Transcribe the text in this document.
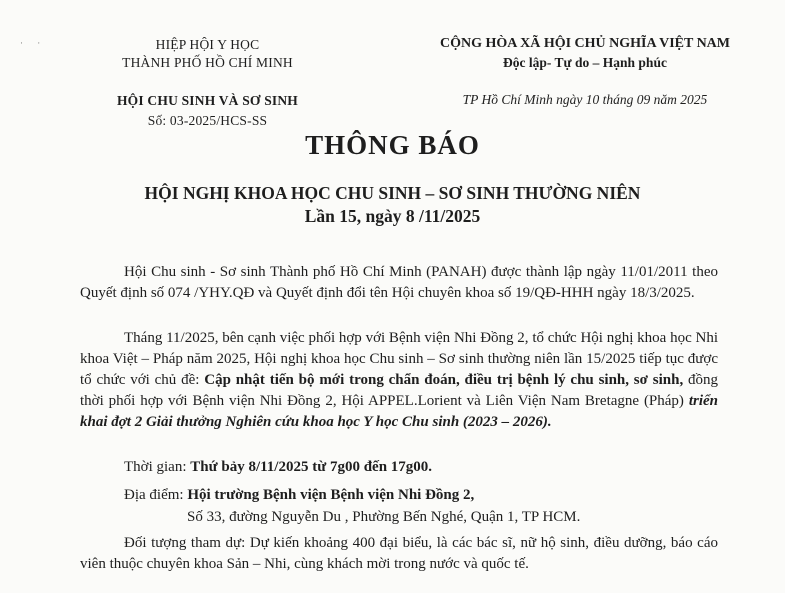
· ·	HIỆP HỘI Y HỌC
THÀNH PHỐ HỒ CHÍ MINH
HỘI CHU SINH VÀ SƠ SINH
Số: 03-2025/HCS-SS
CỘNG HÒA XÃ HỘI CHỦ NGHĨA VIỆT NAM
Độc lập- Tự do – Hạnh phúc
TP Hồ Chí Minh ngày 10 tháng 09 năm 2025
THÔNG BÁO
HỘI NGHỊ KHOA HỌC CHU SINH – SƠ SINH THƯỜNG NIÊN
Lần 15, ngày 8 /11/2025
Hội Chu sinh - Sơ sinh Thành phố Hồ Chí Minh (PANAH) được thành lập ngày 11/01/2011 theo Quyết định số 074 /YHY.QĐ và Quyết định đổi tên Hội chuyên khoa số 19/QĐ-HHH ngày 18/3/2025.
Tháng 11/2025, bên cạnh việc phối hợp với Bệnh viện Nhi Đồng 2, tổ chức Hội nghị khoa học Nhi khoa Việt – Pháp năm 2025, Hội nghị khoa học Chu sinh – Sơ sinh thường niên lần 15/2025 tiếp tục được tổ chức với chủ đề: Cập nhật tiến bộ mới trong chẩn đoán, điều trị bệnh lý chu sinh, sơ sinh, đồng thời phối hợp với Bệnh viện Nhi Đồng 2, Hội APPEL.Lorient và Liên Viện Nam Bretagne (Pháp) triển khai đợt 2 Giải thưởng Nghiên cứu khoa học Y học Chu sinh (2023 – 2026).
Thời gian: Thứ bảy 8/11/2025 từ 7g00 đến 17g00.
Địa điểm: Hội trường Bệnh viện Bệnh viện Nhi Đồng 2,
Số 33, đường Nguyễn Du , Phường Bến Nghé, Quận 1, TP HCM.
Đối tượng tham dự: Dự kiến khoảng 400 đại biểu, là các bác sĩ, nữ hộ sinh, điều dưỡng, báo cáo viên thuộc chuyên khoa Sản – Nhi, cùng khách mời trong nước và quốc tế.
